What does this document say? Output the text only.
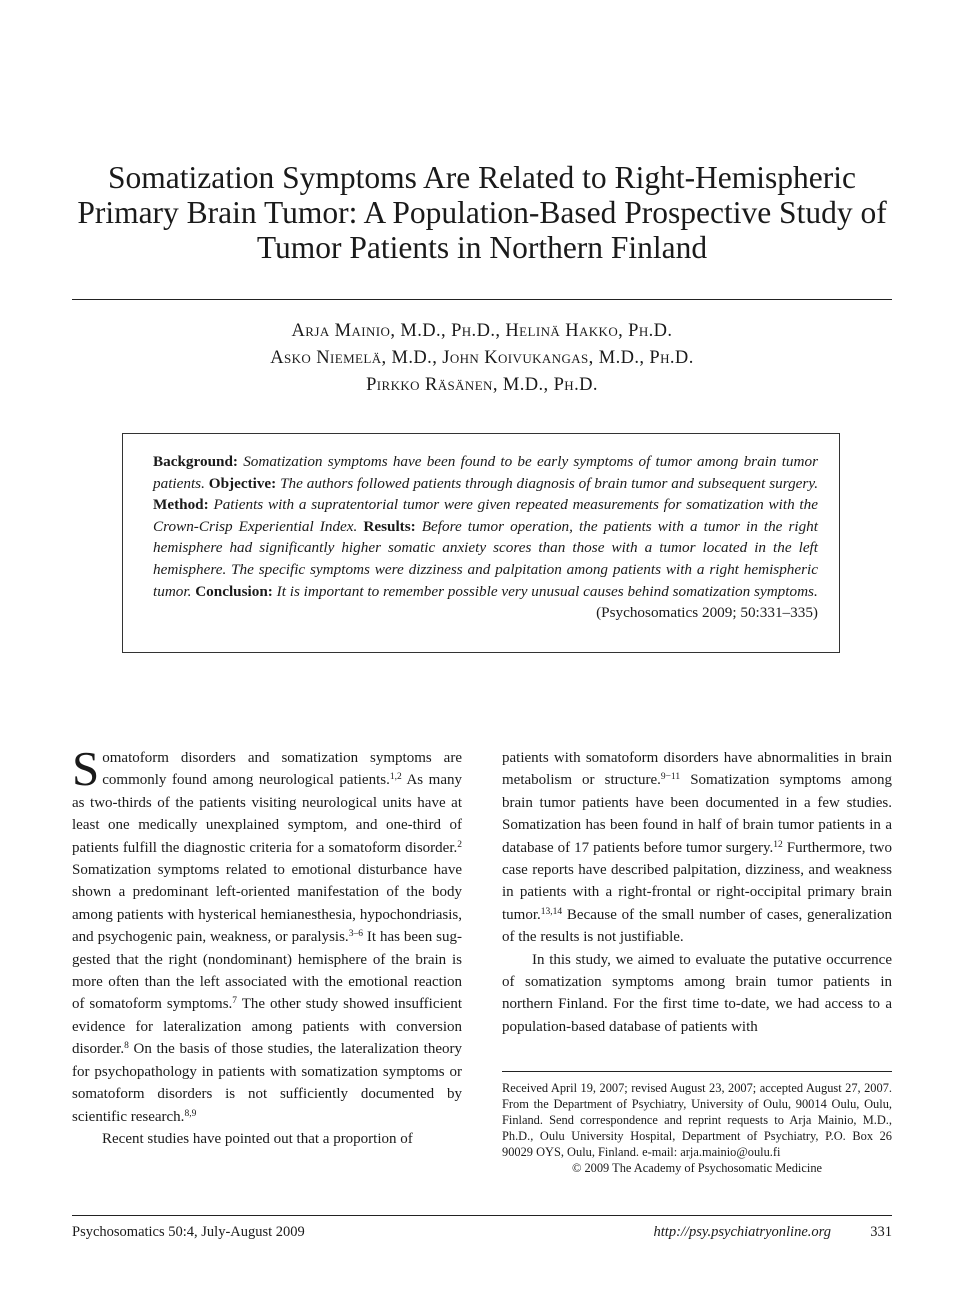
Somatization Symptoms Are Related to Right-Hemispheric Primary Brain Tumor: A Population-Based Prospective Study of Tumor Patients in Northern Finland
Arja Mainio, M.D., Ph.D., Helinä Hakko, Ph.D.
Asko Niemelä, M.D., John Koivukangas, M.D., Ph.D.
Pirkko Räsänen, M.D., Ph.D.
Background: Somatization symptoms have been found to be early symptoms of tumor among brain tumor patients. Objective: The authors followed patients through diagnosis of brain tumor and subsequent surgery. Method: Patients with a supratentorial tumor were given repeated measurements for somatization with the Crown-Crisp Experiential Index. Results: Before tumor operation, the patients with a tumor in the right hemisphere had significantly higher somatic anxiety scores than those with a tumor located in the left hemisphere. The specific symptoms were dizziness and palpitation among patients with a right hemispheric tumor. Conclusion: It is important to remember possible very unusual causes behind somatization symptoms.
(Psychosomatics 2009; 50:331–335)

Somatoform disorders and somatization symptoms are commonly found among neurological patients.$^{1,2}$ As many as two-thirds of the patients visiting neurological units have at least one medically unexplained symptom, and one-third of patients fulfill the diagnostic criteria for a somatoform disorder.$^2$ Somatization symptoms related to emotional disturbance have shown a predominant left-oriented manifestation of the body among patients with hysterical hemianesthesia, hypochondriasis, and psychogenic pain, weakness, or paralysis.$^{3-6}$ It has been suggested that the right (nondominant) hemisphere of the brain is more often than the left associated with the emotional reaction of somatoform symptoms.$^7$ The other study showed insufficient evidence for lateralization among patients with conversion disorder.$^8$ On the basis of those studies, the lateralization theory for psychopathology in patients with somatization symptoms or somatoform disorders is not sufficiently documented by scientific research.$^{8,9}$

Recent studies have pointed out that a proportion of

patients with somatoform disorders have abnormalities in brain metabolism or structure.$^{9-11}$ Somatization symptoms among brain tumor patients have been documented in a few studies. Somatization has been found in half of brain tumor patients in a database of 17 patients before tumor surgery.$^{12}$ Furthermore, two case reports have described palpitation, dizziness, and weakness in patients with a right-frontal or right-occipital primary brain tumor.$^{13,14}$ Because of the small number of cases, generalization of the results is not justifiable.

In this study, we aimed to evaluate the putative occurrence of somatization symptoms among brain tumor patients in northern Finland. For the first time to-date, we had access to a population-based database of patients with

Received April 19, 2007; revised August 23, 2007; accepted August 27, 2007. From the Department of Psychiatry, University of Oulu, 90014 Oulu, Oulu, Finland. Send correspondence and reprint requests to Arja Mainio, M.D., Ph.D., Oulu University Hospital, Department of Psychiatry, P.O. Box 26 90029 OYS, Oulu, Finland. e-mail: arja.mainio@oulu.fi
© 2009 The Academy of Psychosomatic Medicine
Psychosomatics 50:4, July-August 2009	http://psy.psychiatryonline.org	331
